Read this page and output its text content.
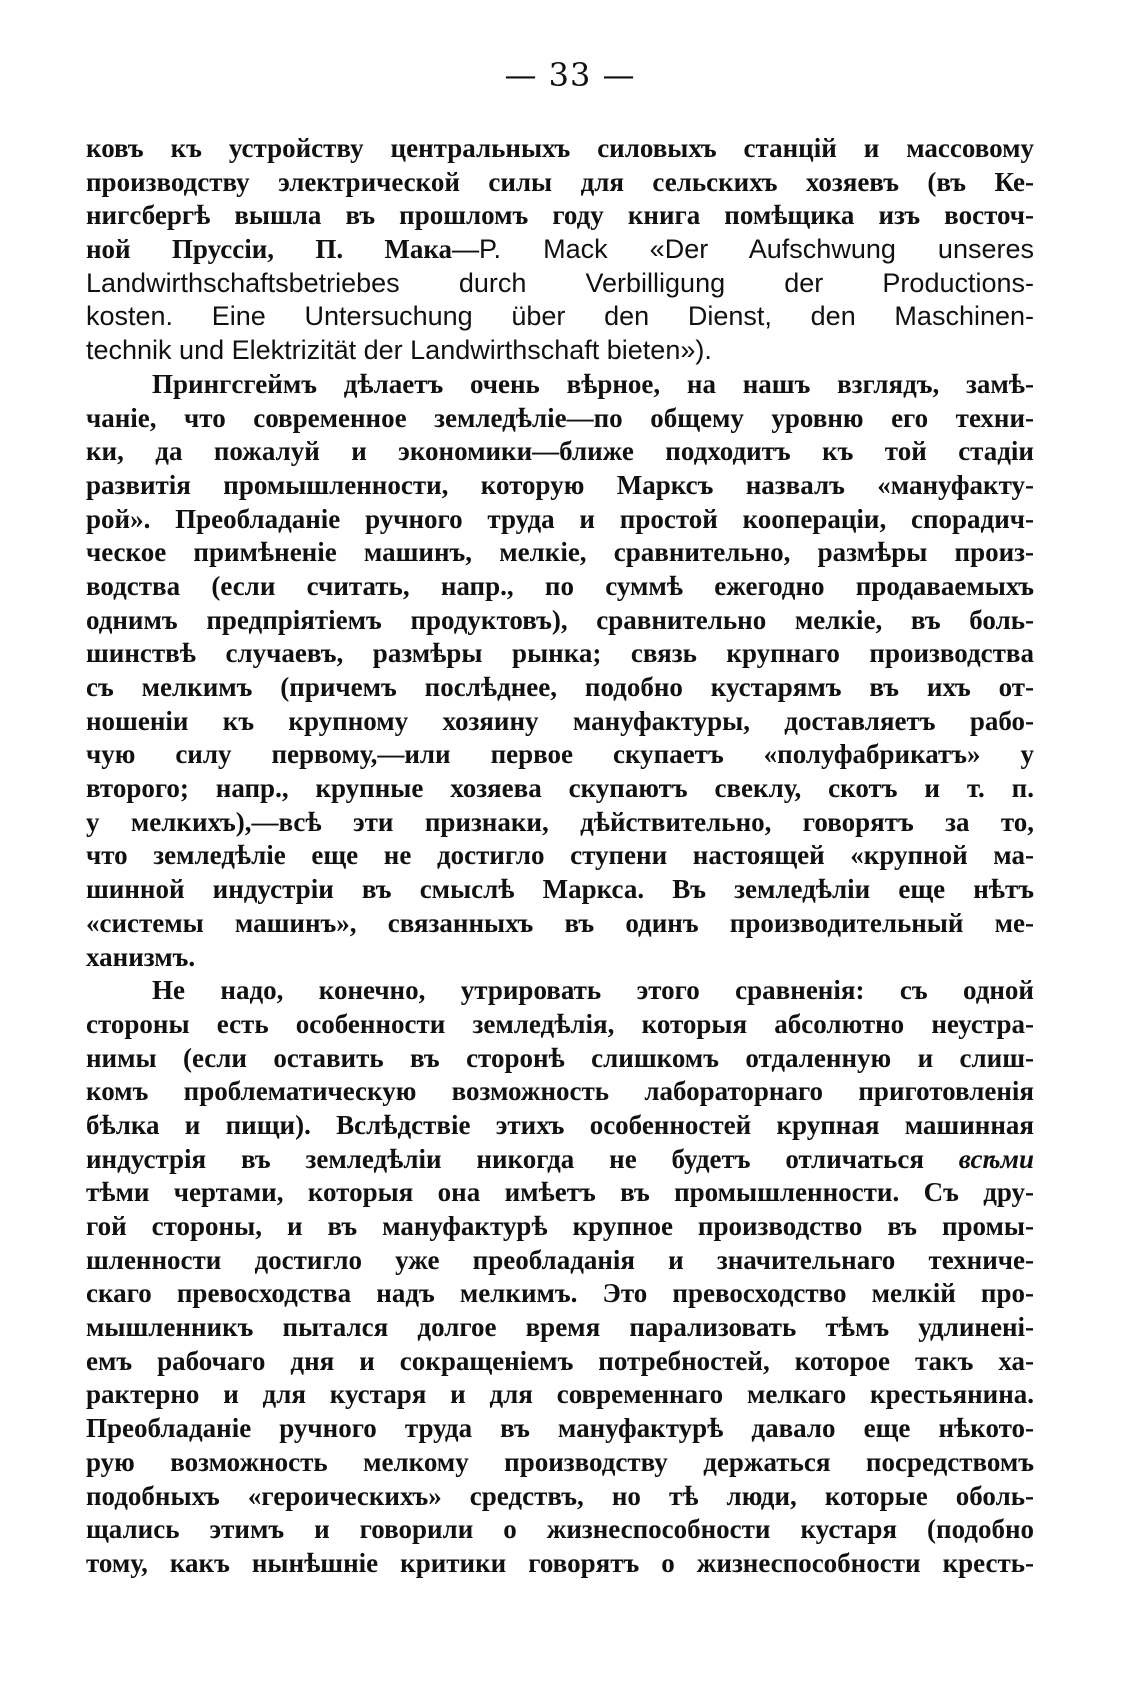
— 33 —
ковъ къ устройству центральныхъ силовыхъ станцій и массовому
производству электрической силы для сельскихъ хозяевъ (въ Ке-
нигсбергѣ вышла въ прошломъ году книга помѣщика изъ восточ-
ной Пруссіи, П. Мака—P. Mack «Der Aufschwung unseres
Landwirthschaftsbetriebes durch Verbilligung der Productions-
kosten. Eine Untersuchung über den Dienst, den Maschinen-
technik und Elektrizität der Landwirthschaft bieten»).
Прингсгеймъ дѣлаетъ очень вѣрное, на нашъ взглядъ, замѣ-
чаніе, что современное земледѣліе—по общему уровню его техни-
ки, да пожалуй и экономики—ближе подходитъ къ той стадіи
развитія промышленности, которую Марксъ назвалъ «мануфакту-
рой». Преобладаніе ручного труда и простой коопераціи, спорадич-
ческое примѣненіе машинъ, мелкіе, сравнительно, размѣры произ-
водства (если считать, напр., по суммѣ ежегодно продаваемыхъ
однимъ предпріятіемъ продуктовъ), сравнительно мелкіе, въ боль-
шинствѣ случаевъ, размѣры рынка; связь крупнаго производства
съ мелкимъ (причемъ послѣднее, подобно кустарямъ въ ихъ от-
ношеніи къ крупному хозяину мануфактуры, доставляетъ рабо-
чую силу первому,—или первое скупаетъ «полуфабрикатъ» у
второго; напр., крупные хозяева скупаютъ свеклу, скотъ и т. п.
у мелкихъ),—всѣ эти признаки, дѣйствительно, говорятъ за то,
что земледѣліе еще не достигло ступени настоящей «крупной ма-
шинной индустріи въ смыслѣ Маркса. Въ земледѣліи еще нѣтъ
«системы машинъ», связанныхъ въ одинъ производительный ме-
ханизмъ.
Не надо, конечно, утрировать этого сравненія: съ одной
стороны есть особенности земледѣлія, которыя абсолютно неустра-
нимы (если оставить въ сторонѣ слишкомъ отдаленную и слиш-
комъ проблематическую возможность лабораторнаго приготовленія
бѣлка и пищи). Вслѣдствіе этихъ особенностей крупная машинная
индустрія въ земледѣліи никогда не будетъ отличаться всѣми
тѣми чертами, которыя она имѣетъ въ промышленности. Съ дру-
гой стороны, и въ мануфактурѣ крупное производство въ промы-
шленности достигло уже преобладанія и значительнаго техниче-
скаго превосходства надъ мелкимъ. Это превосходство мелкій про-
мышленникъ пытался долгое время парализовать тѣмъ удлинені-
емъ рабочаго дня и сокращеніемъ потребностей, которое такъ ха-
рактерно и для кустаря и для современнаго мелкаго крестьянина.
Преобладаніе ручного труда въ мануфактурѣ давало еще нѣкото-
рую возможность мелкому производству держаться посредствомъ
подобныхъ «героическихъ» средствъ, но тѣ люди, которые оболь-
щались этимъ и говорили о жизнеспособности кустаря (подобно
тому, какъ нынѣшніе критики говорятъ о жизнеспособности кресть-
